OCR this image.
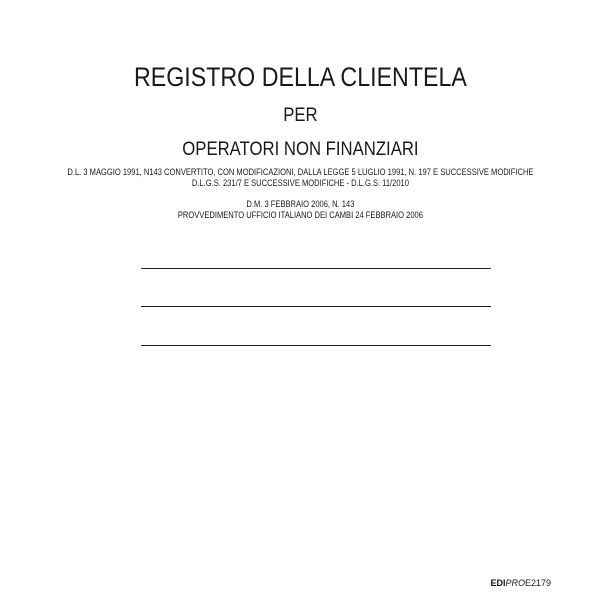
REGISTRO DELLA CLIENTELA
PER
OPERATORI NON FINANZIARI
D.L. 3 MAGGIO 1991, N143 CONVERTITO, CON MODIFICAZIONI, DALLA LEGGE 5 LUGLIO 1991, N. 197 E SUCCESSIVE MODIFICHE
D.L.G.S. 231/7 E SUCCESSIVE MODIFICHE - D.L.G.S. 11/2010
D.M. 3 FEBBRAIO 2006, N. 143
PROVVEDIMENTO UFFICIO ITALIANO DEI CAMBI 24 FEBBRAIO 2006
EDI PRO E2179
